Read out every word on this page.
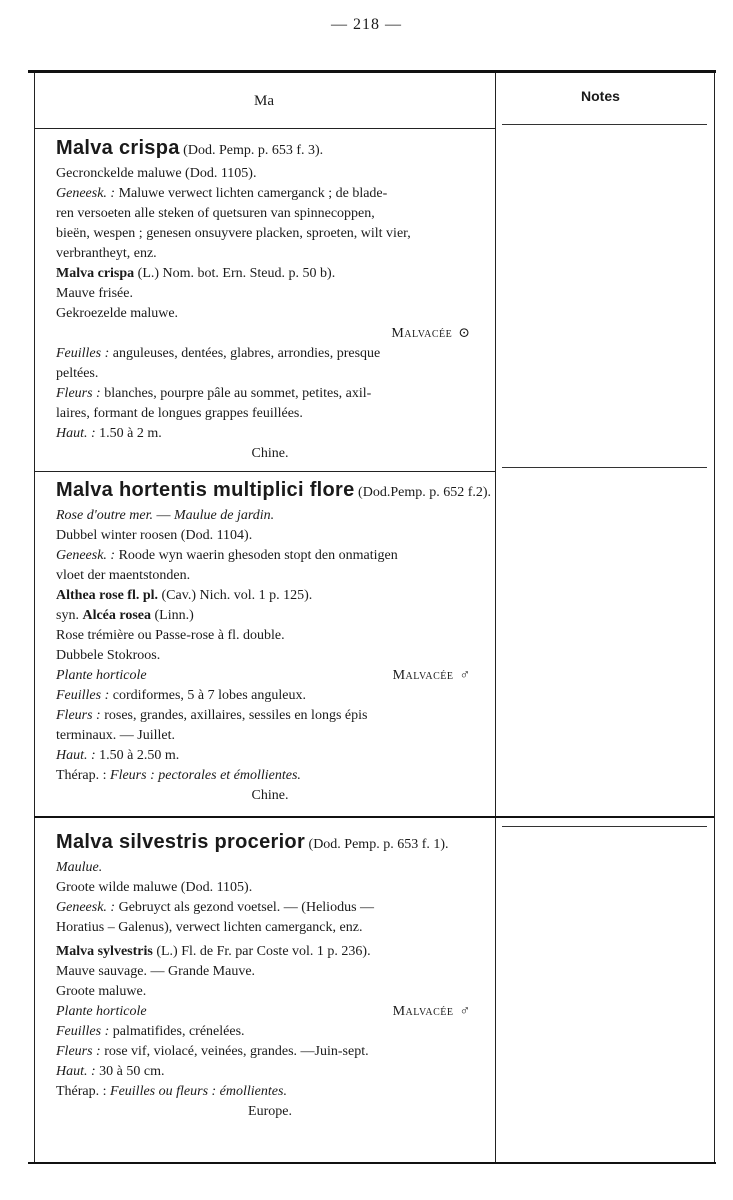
— 218 —
Ma	Notes
Malva crispa (Dod. Pemp. p. 653 f. 3).
Gecronckelde maluwe (Dod. 1105).
Geneesk. : Maluwe verwect lichten camerganck ; de blade-
ren versoeten alle steken of quetsuren van spinnecoppen,
bieën, wespen ; genesen onsuyvere placken, sproeten, wilt vier,
verbrantheyt, enz.
Malva crispa (L.) Nom. bot. Ern. Steud. p. 50 b).
Mauve frisée.
Gekroezelde maluwe.
Malvacée ⊙
Feuilles : anguleuses, dentées, glabres, arrondies, presque
peltées.
Fleurs : blanches, pourpre pâle au sommet, petites, axil-
laires, formant de longues grappes feuillées.
Haut. : 1.50 à 2 m.
Chine.
Malva hortentis multiplici flore (Dod.Pemp. p. 652 f.2).
Rose d'outre mer. — Maulue de jardin.
Dubbel winter roosen (Dod. 1104).
Geneesk. : Roode wyn waerin ghesoden stopt den onmatigen
vloet der maentstonden.
Althea rose fl. pl. (Cav.) Nich. vol. 1 p. 125).
syn. Alcéa rosea (Linn.)
Rose trémière ou Passe-rose à fl. double.
Dubbele Stokroos.
Plante horticole	Malvacée ♂
Feuilles : cordiformes, 5 à 7 lobes anguleux.
Fleurs : roses, grandes, axillaires, sessiles en longs épis
terminaux. — Juillet.
Haut. : 1.50 à 2.50 m.
Thérap. : Fleurs : pectorales et émollientes.
Chine.
Malva silvestris procerior (Dod. Pemp. p. 653 f. 1).
Maulue.
Groote wilde maluwe (Dod. 1105).
Geneesk. : Gebruyct als gezond voetsel. — (Heliodus —
Horatius – Galenus), verwect lichten camerganck, enz.
Malva sylvestris (L.) Fl. de Fr. par Coste vol. 1 p. 236).
Mauve sauvage. — Grande Mauve.
Groote maluwe.
Plante horticole	Malvacée ♂
Feuilles : palmatifides, crénelées.
Fleurs : rose vif, violacé, veinées, grandes. —Juin-sept.
Haut. : 30 à 50 cm.
Thérap. : Feuilles ou fleurs : émollientes.
Europe.
